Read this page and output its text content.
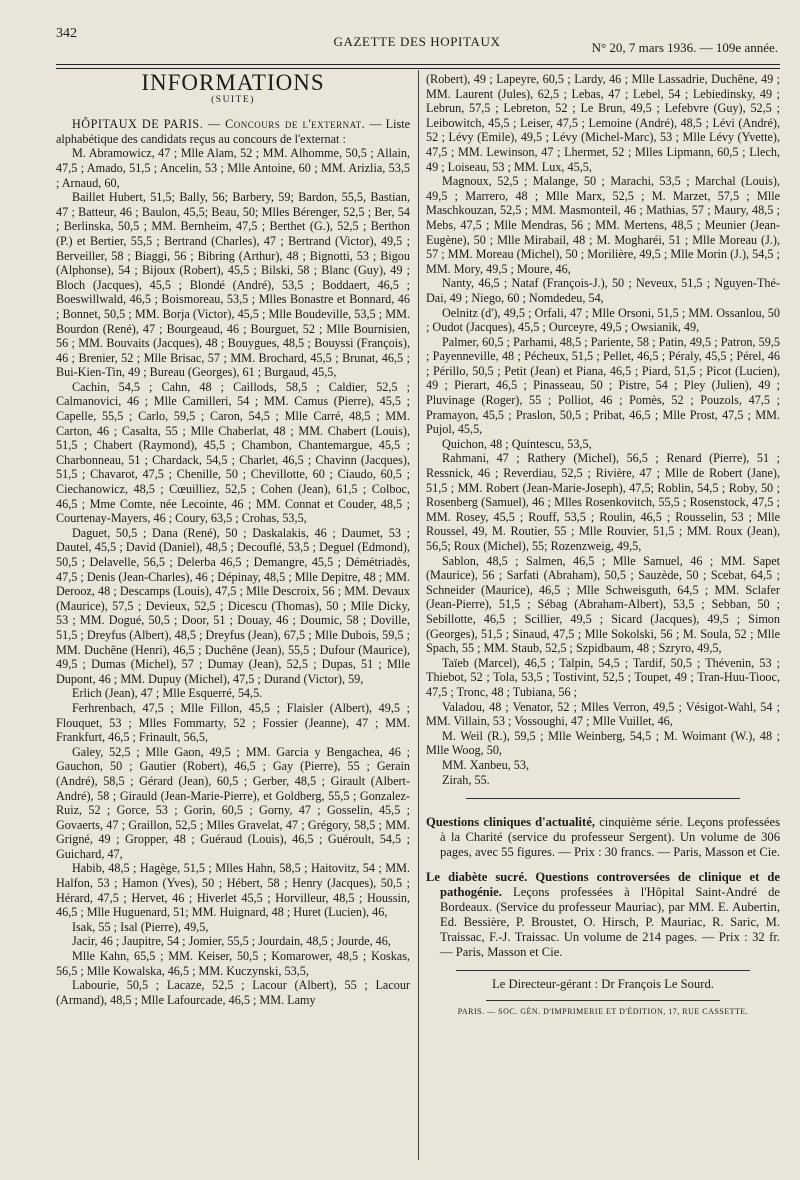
342
GAZETTE DES HOPITAUX	N° 20, 7 mars 1936. — 109e année.
INFORMATIONS
(SUITE)

HÔPITAUX DE PARIS. — Concours de l'externat. — Liste alphabétique des candidats reçus au concours de l'externat :

M. Abramowicz, 47 ; Mlle Alam, 52 ; MM. Alhomme, 50,5 ; Allain, 47,5 ; Amado, 51,5 ; Ancelin, 53 ; Mlle Antoine, 60 ; MM. Arizlia, 53,5 ; Arnaud, 60,

Baillet Hubert, 51,5; Bally, 56; Barbery, 59; Bardon, 55,5, Bastian, 47 ; Batteur, 46 ; Baulon, 45,5; Beau, 50; Mlles Bérenger, 52,5 ; Ber, 54 ; Berlinska, 50,5 ; MM. Bernheim, 47,5 ; Berthet (G.), 52,5 ; Berthon (P.) et Bertier, 55,5 ; Bertrand (Charles), 47 ; Bertrand (Victor), 49,5 ; Berveiller, 58 ; Biaggi, 56 ; Bibring (Arthur), 48 ; Bignotti, 53 ; Bigou (Alphonse), 54 ; Bijoux (Robert), 45,5 ; Bilski, 58 ; Blanc (Guy), 49 ; Bloch (Jacques), 45,5 ; Blondé (André), 53,5 ; Boddaert, 46,5 ; Boeswillwald, 46,5 ; Boismoreau, 53,5 ; Mlles Bonastre et Bonnard, 46 ; Bonnet, 50,5 ; MM. Borja (Victor), 45,5 ; Mlle Boudeville, 53,5 ; MM. Bourdon (René), 47 ; Bourgeaud, 46 ; Bourguet, 52 ; Mlle Bournisien, 56 ; MM. Bouvaits (Jacques), 48 ; Bouygues, 48,5 ; Bouyssi (François), 46 ; Brenier, 52 ; Mlle Brisac, 57 ; MM. Brochard, 45,5 ; Brunat, 46,5 ; Bui-Kien-Tin, 49 ; Bureau (Georges), 61 ; Burgaud, 45,5,

Cachin, 54,5 ; Cahn, 48 ; Caillods, 58,5 ; Caldier, 52,5 ; Calmanovici, 46 ; Mlle Camilleri, 54 ; MM. Camus (Pierre), 45,5 ; Capelle, 55,5 ; Carlo, 59,5 ; Caron, 54,5 ; Mlle Carré, 48,5 ; MM. Carton, 46 ; Casalta, 55 ; Mlle Chaberlat, 48 ; MM. Chabert (Louis), 51,5 ; Chabert (Raymond), 45,5 ; Chambon, Chantemargue, 45,5 ; Charbonneau, 51 ; Chardack, 54,5 ; Charlet, 46,5 ; Chavinn (Jacques), 51,5 ; Chavarot, 47,5 ; Chenille, 50 ; Chevillotte, 60 ; Ciaudo, 60,5 ; Ciechanowicz, 48,5 ; Cœuilliez, 52,5 ; Cohen (Jean), 61,5 ; Colboc, 46,5 ; Mme Comte, née Lecointe, 46 ; MM. Connat et Couder, 48,5 ; Courtenay-Mayers, 46 ; Coury, 63,5 ; Crohas, 53,5,

Daguet, 50,5 ; Dana (René), 50 ; Daskalakis, 46 ; Daumet, 53 ; Dautel, 45,5 ; David (Daniel), 48,5 ; Decouflé, 53,5 ; Deguel (Edmond), 50,5 ; Delavelle, 56,5 ; Delerba 46,5 ; Demangre, 45,5 ; Démétriadès, 47,5 ; Denis (Jean-Charles), 46 ; Dépinay, 48,5 ; Mlle Depitre, 48 ; MM. Derooz, 48 ; Descamps (Louis), 47,5 ; Mlle Descroix, 56 ; MM. Devaux (Maurice), 57,5 ; Devieux, 52,5 ; Dicescu (Thomas), 50 ; Mlle Dicky, 53 ; MM. Dogué, 50,5 ; Door, 51 ; Douay, 46 ; Doumic, 58 ; Doville, 51,5 ; Dreyfus (Albert), 48,5 ; Dreyfus (Jean), 67,5 ; Mlle Dubois, 59,5 ; MM. Duchêne (Henri), 46,5 ; Duchêne (Jean), 55,5 ; Dufour (Maurice), 49,5 ; Dumas (Michel), 57 ; Dumay (Jean), 52,5 ; Dupas, 51 ; Mlle Dupont, 46 ; MM. Dupuy (Michel), 47,5 ; Durand (Victor), 59,

Erlich (Jean), 47 ; Mlle Esquerré, 54,5.

Ferhrenbach, 47,5 ; Mlle Fillon, 45,5 ; Flaisler (Albert), 49,5 ; Flouquet, 53 ; Mlles Fommarty, 52 ; Fossier (Jeanne), 47 ; MM. Frankfurt, 46,5 ; Frinault, 56,5,

Galey, 52,5 ; Mlle Gaon, 49,5 ; MM. Garcia y Bengachea, 46 ; Gauchon, 50 ; Gautier (Robert), 46,5 ; Gay (Pierre), 55 ; Gerain (André), 58,5 ; Gérard (Jean), 60,5 ; Gerber, 48,5 ; Girault (Albert-André), 58 ; Girauld (Jean-Marie-Pierre), et Goldberg, 55,5 ; Gonzalez-Ruiz, 52 ; Gorce, 53 ; Gorin, 60,5 ; Gorny, 47 ; Gosselin, 45,5 ; Govaerts, 47 ; Graillon, 52,5 ; Mlles Gravelat, 47 ; Grégory, 58,5 ; MM. Grigné, 49 ; Gropper, 48 ; Guéraud (Louis), 46,5 ; Guéroult, 54,5 ; Guichard, 47,

Habib, 48,5 ; Hagège, 51,5 ; Mlles Hahn, 58,5 ; Haitovitz, 54 ; MM. Halfon, 53 ; Hamon (Yves), 50 ; Hébert, 58 ; Henry (Jacques), 50,5 ; Hérard, 47,5 ; Hervet, 46 ; Hiverlet 45,5 ; Horvilleur, 48,5 ; Houssin, 46,5 ; Mlle Huguenard, 51; MM. Huignard, 48 ; Huret (Lucien), 46,

Isak, 55 ; Isal (Pierre), 49,5,

Jacir, 46 ; Jaupitre, 54 ; Jomier, 55,5 ; Jourdain, 48,5 ; Jourde, 46,

Mlle Kahn, 65,5 ; MM. Keiser, 50,5 ; Komarower, 48,5 ; Koskas, 56,5 ; Mlle Kowalska, 46,5 ; MM. Kuczynski, 53,5,

Labourie, 50,5 ; Lacaze, 52,5 ; Lacour (Albert), 55 ; Lacour (Armand), 48,5 ; Mlle Lafourcade, 46,5 ; MM. Lamy

(Robert), 49 ; Lapeyre, 60,5 ; Lardy, 46 ; Mlle Lassadrie, Duchêne, 49 ; MM. Laurent (Jules), 62,5 ; Lebas, 47 ; Lebel, 54 ; Lebiedinsky, 49 ; Lebrun, 57,5 ; Lebreton, 52 ; Le Brun, 49,5 ; Lefebvre (Guy), 52,5 ; Leibowitch, 45,5 ; Leiser, 47,5 ; Lemoine (André), 48,5 ; Lévi (André), 52 ; Lévy (Emile), 49,5 ; Lévy (Michel-Marc), 53 ; Mlle Lévy (Yvette), 47,5 ; MM. Lewinson, 47 ; Lhermet, 52 ; Mlles Lipmann, 60,5 ; Llech, 49 ; Loiseau, 53 ; MM. Lux, 45,5,

Magnoux, 52,5 ; Malange, 50 ; Marachi, 53,5 ; Marchal (Louis), 49,5 ; Marrero, 48 ; Mlle Marx, 52,5 ; M. Marzet, 57,5 ; Mlle Maschkouzan, 52,5 ; MM. Masmonteil, 46 ; Mathias, 57 ; Maury, 48,5 ; Mebs, 47,5 ; Mlle Mendras, 56 ; MM. Mertens, 48,5 ; Meunier (Jean-Eugène), 50 ; Mlle Mirabail, 48 ; M. Mogharéi, 51 ; Mlle Moreau (J.), 57 ; MM. Moreau (Michel), 50 ; Morilière, 49,5 ; Mlle Morin (J.), 54,5 ; MM. Mory, 49,5 ; Moure, 46,

Nanty, 46,5 ; Nataf (François-J.), 50 ; Neveux, 51,5 ; Nguyen-Thé-Dai, 49 ; Niego, 60 ; Nomdedeu, 54,

Oelnitz (d'), 49,5 ; Orfali, 47 ; Mlle Orsoni, 51,5 ; MM. Ossanlou, 50 ; Oudot (Jacques), 45,5 ; Ourceyre, 49,5 ; Owsianik, 49,

Palmer, 60,5 ; Parhami, 48,5 ; Pariente, 58 ; Patin, 49,5 ; Patron, 59,5 ; Payenneville, 48 ; Pécheux, 51,5 ; Pellet, 46,5 ; Péraly, 45,5 ; Pérel, 46 ; Périllo, 50,5 ; Petit (Jean) et Piana, 46,5 ; Piard, 51,5 ; Picot (Lucien), 49 ; Pierart, 46,5 ; Pinasseau, 50 ; Pistre, 54 ; Pley (Julien), 49 ; Pluvinage (Roger), 55 ; Polliot, 46 ; Pomès, 52 ; Pouzols, 47,5 ; Pramayon, 45,5 ; Praslon, 50,5 ; Pribat, 46,5 ; Mlle Prost, 47,5 ; MM. Pujol, 45,5,

Quichon, 48 ; Quintescu, 53,5,

Rahmani, 47 ; Rathery (Michel), 56,5 ; Renard (Pierre), 51 ; Ressnick, 46 ; Reverdiau, 52,5 ; Rivière, 47 ; Mlle de Robert (Jane), 51,5 ; MM. Robert (Jean-Marie-Joseph), 47,5; Roblin, 54,5 ; Roby, 50 ; Rosenberg (Samuel), 46 ; Mlles Rosenkovitch, 55,5 ; Rosenstock, 47,5 ; MM. Rosey, 45,5 ; Rouff, 53,5 ; Roulin, 46,5 ; Rousselin, 53 ; Mlle Roussel, 49, M. Routier, 55 ; Mlle Rouvier, 51,5 ; MM. Roux (Jean), 56,5; Roux (Michel), 55; Rozenzweig, 49,5,

Sablon, 48,5 ; Salmen, 46,5 ; Mlle Samuel, 46 ; MM. Sapet (Maurice), 56 ; Sarfati (Abraham), 50,5 ; Sauzède, 50 ; Scebat, 64,5 ; Schneider (Maurice), 46,5 ; Mlle Schweisguth, 64,5 ; MM. Sclafer (Jean-Pierre), 51,5 ; Sébag (Abraham-Albert), 53,5 ; Sebban, 50 ; Sebillotte, 46,5 ; Scillier, 49,5 ; Sicard (Jacques), 49,5 ; Simon (Georges), 51,5 ; Sinaud, 47,5 ; Mlle Sokolski, 56 ; M. Soula, 52 ; Mlle Spach, 55 ; MM. Staub, 52,5 ; Szpidbaum, 48 ; Szryro, 49,5,

Taïeb (Marcel), 46,5 ; Talpin, 54,5 ; Tardif, 50,5 ; Thévenin, 53 ; Thiebot, 52 ; Tola, 53,5 ; Tostivint, 52,5 ; Toupet, 49 ; Tran-Huu-Tiooc, 47,5 ; Tronc, 48 ; Tubiana, 56 ;

Valadou, 48 ; Venator, 52 ; Mlles Verron, 49,5 ; Vésigot-Wahl, 54 ; MM. Villain, 53 ; Vossoughi, 47 ; Mlle Vuillet, 46,

M. Weil (R.), 59,5 ; Mlle Weinberg, 54,5 ; M. Woimant (W.), 48 ; Mlle Woog, 50,

MM. Xanbeu, 53,

Zirah, 55.

Questions cliniques d'actualité, cinquième série. Leçons professées à la Charité (service du professeur Sergent). Un volume de 306 pages, avec 55 figures. — Prix : 30 francs. — Paris, Masson et Cie.

Le diabète sucré. Questions controversées de clinique et de pathogénie. Leçons professées à l'Hôpital Saint-André de Bordeaux. (Service du professeur Mauriac), par MM. E. Aubertin, Ed. Bessière, P. Broustet, O. Hirsch, P. Mauriac, R. Saric, M. Traissac, F.-J. Traissac. Un volume de 214 pages. — Prix : 32 fr. — Paris, Masson et Cie.

Le Directeur-gérant : Dr François Le Sourd.
PARIS. — SOC. GÉN. D'IMPRIMERIE ET D'ÉDITION, 17, RUE CASSETTE.
